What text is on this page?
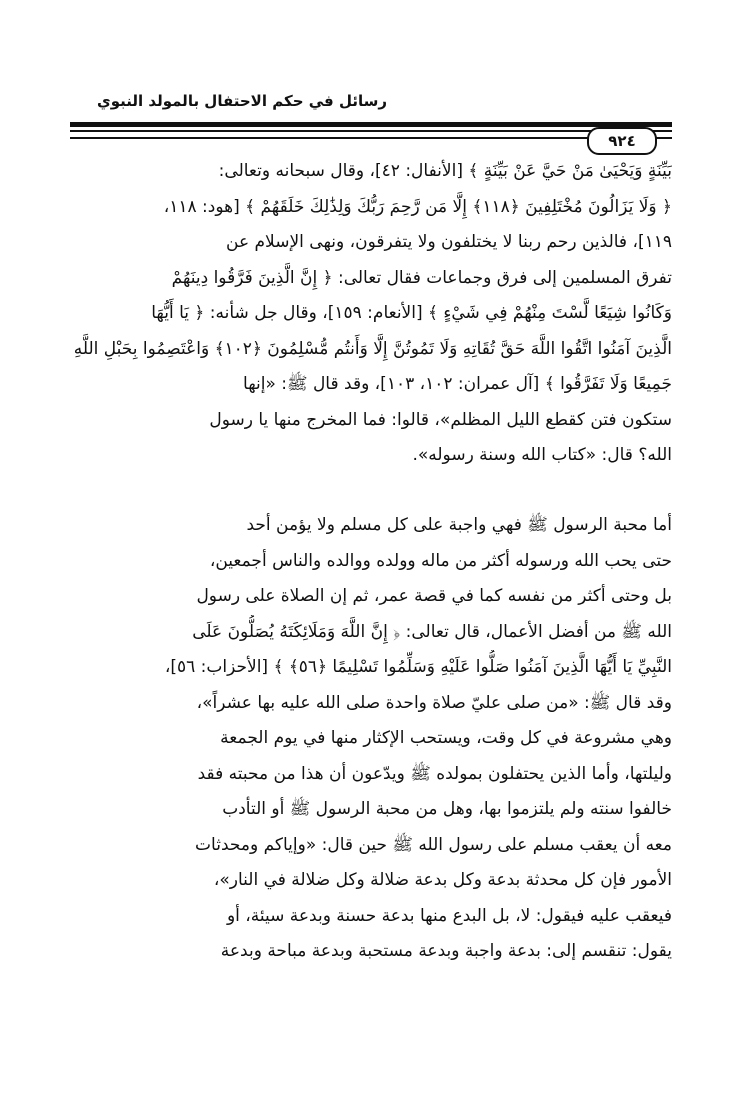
رسائل في حكم الاحتفال بالمولد النبوي
٩٢٤
بَيِّنَةٍ وَيَحْيَىٰ مَنْ حَيَّ عَنْ بَيِّنَةٍ ﴾ [الأنفال: ٤٢]، وقال سبحانه وتعالى:
﴿ وَلَا يَزَالُونَ مُخْتَلِفِينَ ﴿١١٨﴾ إِلَّا مَن رَّحِمَ رَبُّكَ وَلِذَٰلِكَ خَلَقَهُمْ ﴾ [هود: ١١٨،
١١٩]، فالذين رحم ربنا لا يختلفون ولا يتفرقون، ونهى الإسلام عن
تفرق المسلمين إلى فرق وجماعات فقال تعالى: ﴿ إِنَّ الَّذِينَ فَرَّقُوا دِينَهُمْ
وَكَانُوا شِيَعًا لَّسْتَ مِنْهُمْ فِي شَيْءٍ ﴾ [الأنعام: ١٥٩]، وقال جل شأنه: ﴿ يَا أَيُّهَا
الَّذِينَ آمَنُوا اتَّقُوا اللَّهَ حَقَّ تُقَاتِهِ وَلَا تَمُوتُنَّ إِلَّا وَأَنتُم مُّسْلِمُونَ ﴿١٠٢﴾ وَاعْتَصِمُوا بِحَبْلِ اللَّهِ
جَمِيعًا وَلَا تَفَرَّقُوا ﴾ [آل عمران: ١٠٢، ١٠٣]، وقد قال ﷺ: «إنها
ستكون فتن كقطع الليل المظلم»، قالوا: فما المخرج منها يا رسول
الله؟ قال: «كتاب الله وسنة رسوله».
أما محبة الرسول ﷺ فهي واجبة على كل مسلم ولا يؤمن أحد
حتى يحب الله ورسوله أكثر من ماله وولده ووالده والناس أجمعين،
بل وحتى أكثر من نفسه كما في قصة عمر، ثم إن الصلاة على رسول
الله ﷺ من أفضل الأعمال، قال تعالى: ﴿ إِنَّ اللَّهَ وَمَلَائِكَتَهُ يُصَلُّونَ عَلَى
النَّبِيِّ يَا أَيُّهَا الَّذِينَ آمَنُوا صَلُّوا عَلَيْهِ وَسَلِّمُوا تَسْلِيمًا ﴿٥٦﴾ ﴾ [الأحزاب: ٥٦]،
وقد قال ﷺ: «من صلى عليّ صلاة واحدة صلى الله عليه بها عشراً»،
وهي مشروعة في كل وقت، ويستحب الإكثار منها في يوم الجمعة
وليلتها، وأما الذين يحتفلون بمولده ﷺ ويدّعون أن هذا من محبته فقد
خالفوا سنته ولم يلتزموا بها، وهل من محبة الرسول ﷺ أو التأدب
معه أن يعقب مسلم على رسول الله ﷺ حين قال: «وإياكم ومحدثات
الأمور فإن كل محدثة بدعة وكل بدعة ضلالة وكل ضلالة في النار»،
فيعقب عليه فيقول: لا، بل البدع منها بدعة حسنة وبدعة سيئة، أو
يقول: تنقسم إلى: بدعة واجبة وبدعة مستحبة وبدعة مباحة وبدعة
